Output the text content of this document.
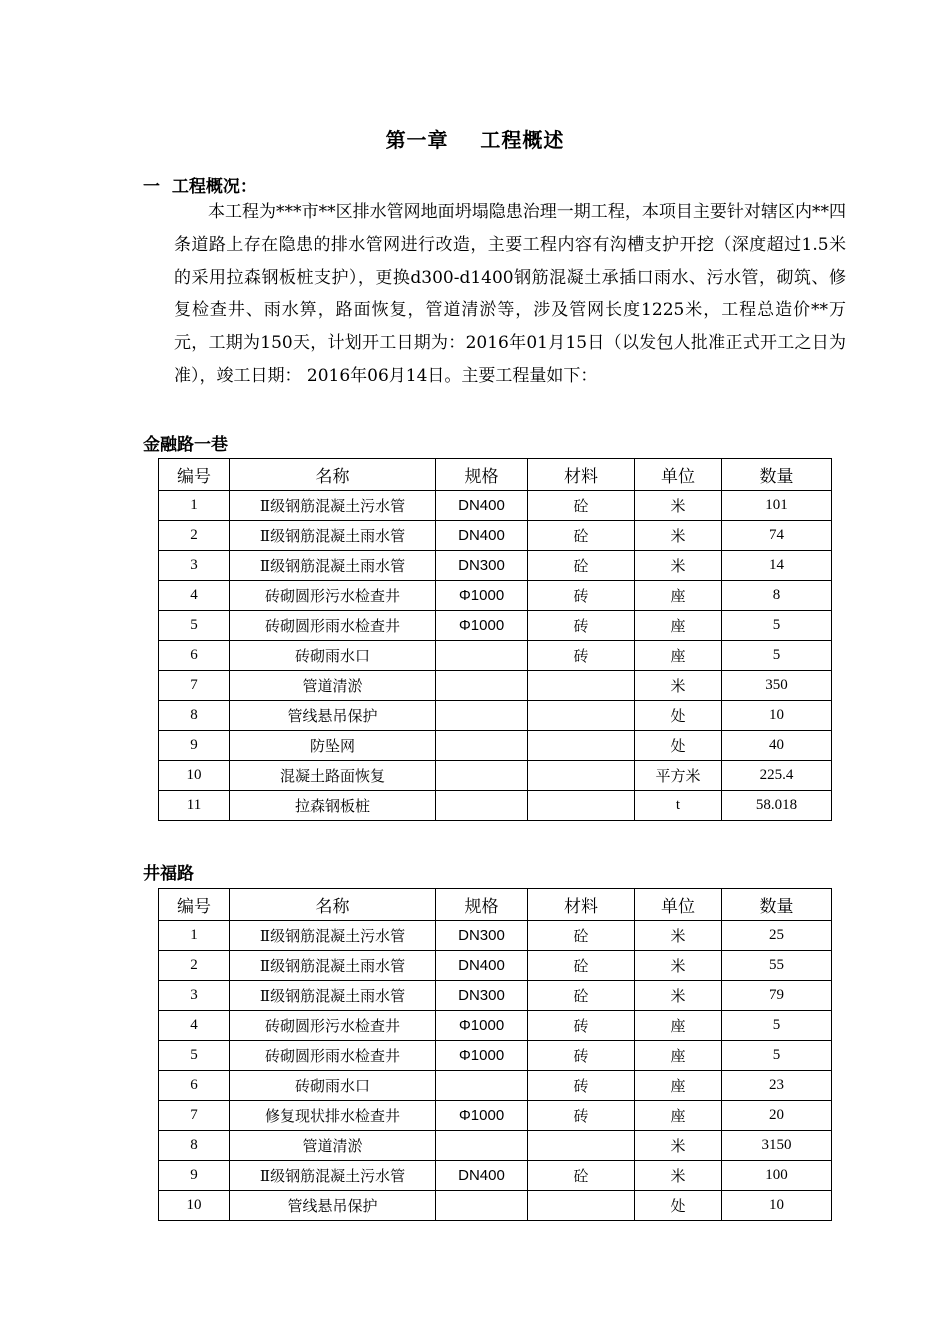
第一章    工程概述
一  工程概况：

本工程为***市**区排水管网地面坍塌隐患治理一期工程，本项目主要针对辖区内**四条道路上存在隐患的排水管网进行改造，主要工程内容有沟槽支护开挖（深度超过1.5米的采用拉森钢板桩支护），更换d300-d1400钢筋混凝土承插口雨水、污水管，砌筑、修复检查井、雨水箅，路面恢复，管道清淤等，涉及管网长度1225米，工程总造价**万元，工期为150天，计划开工日期为：2016年01月15日（以发包人批准正式开工之日为准），竣工日期： 2016年06月14日。主要工程量如下：

金融路一巷
编号	名称	规格	材料	单位	数量
1	Ⅱ级钢筋混凝土污水管	DN400	砼	米	101
2	Ⅱ级钢筋混凝土雨水管	DN400	砼	米	74
3	Ⅱ级钢筋混凝土雨水管	DN300	砼	米	14
4	砖砌圆形污水检查井	Φ1000	砖	座	8
5	砖砌圆形雨水检查井	Φ1000	砖	座	5
6	砖砌雨水口		砖	座	5
7	管道清淤			米	350
8	管线悬吊保护			处	10
9	防坠网			处	40
10	混凝土路面恢复			平方米	225.4
11	拉森钢板桩			t	58.018
井福路
编号	名称	规格	材料	单位	数量
1	Ⅱ级钢筋混凝土污水管	DN300	砼	米	25
2	Ⅱ级钢筋混凝土雨水管	DN400	砼	米	55
3	Ⅱ级钢筋混凝土雨水管	DN300	砼	米	79
4	砖砌圆形污水检查井	Φ1000	砖	座	5
5	砖砌圆形雨水检查井	Φ1000	砖	座	5
6	砖砌雨水口		砖	座	23
7	修复现状排水检查井	Φ1000	砖	座	20
8	管道清淤			米	3150
9	Ⅱ级钢筋混凝土污水管	DN400	砼	米	100
10	管线悬吊保护			处	10
